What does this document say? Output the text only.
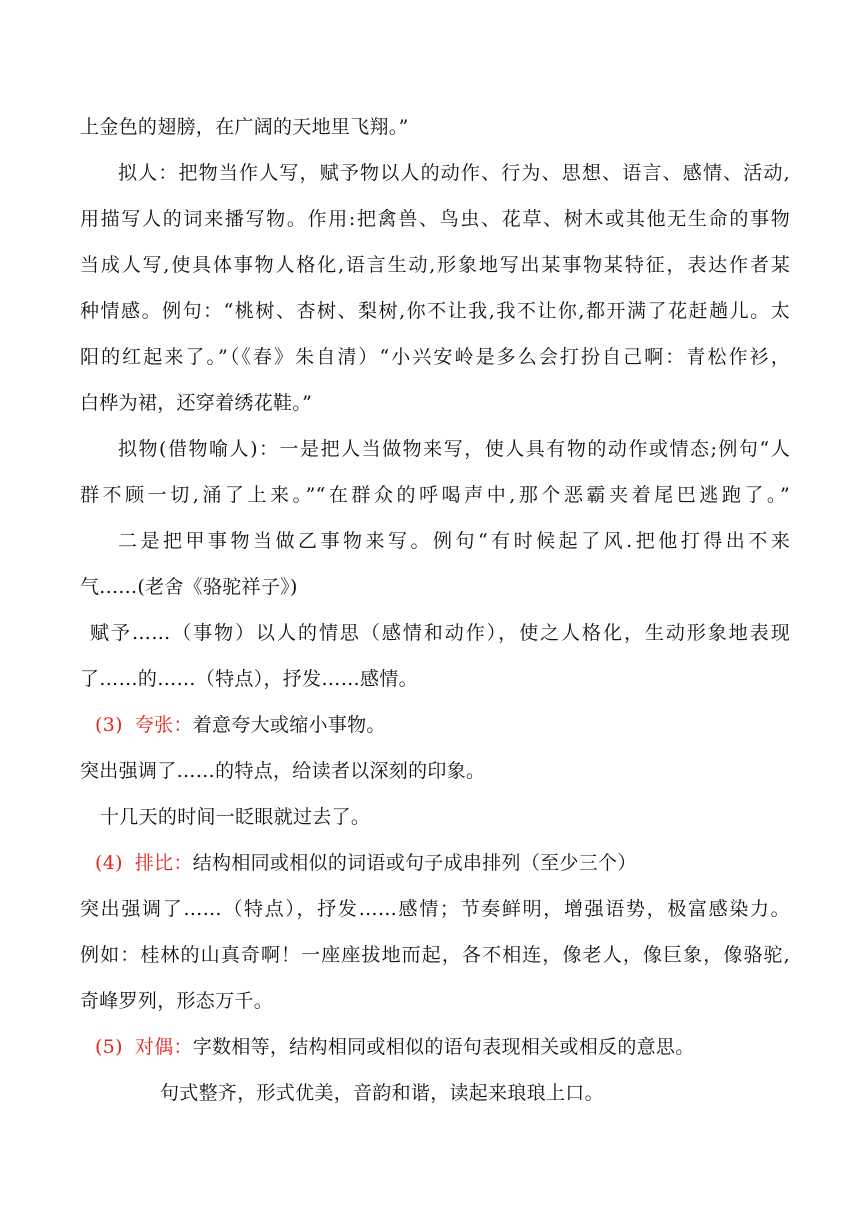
上金色的翅膀，在广阔的天地里飞翔。”
拟人：把物当作人写，赋予物以人的动作、行为、思想、语言、感情、活动,
用描写人的词来播写物。作用:把禽兽、鸟虫、花草、树木或其他无生命的事物
当成人写,使具体事物人格化,语言生动,形象地写出某事物某特征，表达作者某
种情感。例句：“桃树、杏树、梨树,你不让我,我不让你,都开满了花赶趟儿。太
阳的红起来了。”（《春》朱自清）“小兴安岭是多么会打扮自己啊：青松作衫，
白桦为裙，还穿着绣花鞋。”
拟物(借物喻人)：一是把人当做物来写，使人具有物的动作或情态;例句“人
群不顾一切,涌了上来。”“在群众的呼喝声中,那个恶霸夹着尾巴逃跑了。”
二是把甲事物当做乙事物来写。例句“有时候起了风.把他打得出不来
气......(老舍《骆驼祥子》)
赋予……（事物）以人的情思（感情和动作），使之人格化，生动形象地表现
了……的……（特点），抒发……感情。
(3) 夸张：着意夸大或缩小事物。
突出强调了……的特点，给读者以深刻的印象。
十几天的时间一眨眼就过去了。
(4) 排比：结构相同或相似的词语或句子成串排列（至少三个）
突出强调了……（特点），抒发……感情；节奏鲜明，增强语势，极富感染力。
例如：桂林的山真奇啊！一座座拔地而起，各不相连，像老人，像巨象，像骆驼,
奇峰罗列，形态万千。
(5) 对偶：字数相等，结构相同或相似的语句表现相关或相反的意思。
句式整齐，形式优美，音韵和谐，读起来琅琅上口。
